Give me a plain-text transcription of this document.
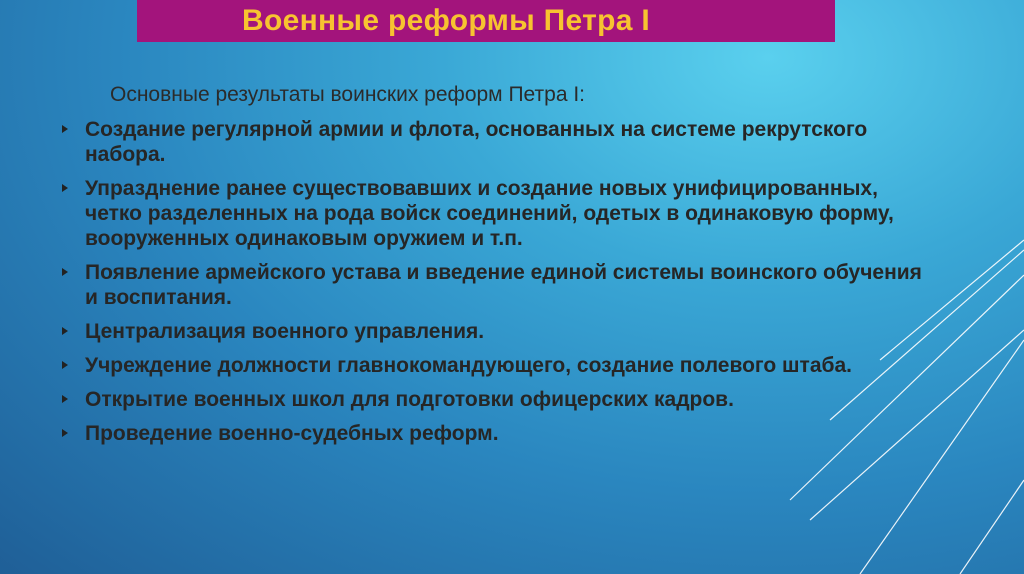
Военные реформы Петра I
Основные результаты воинских реформ Петра I:
Создание регулярной армии и флота, основанных на системе рекрутского набора.
Упразднение ранее существовавших и создание новых унифицированных, четко разделенных на рода войск соединений, одетых в одинаковую форму, вооруженных одинаковым оружием и т.п.
Появление армейского устава и введение единой системы воинского обучения и воспитания.
Централизация военного управления.
Учреждение должности главнокомандующего, создание полевого штаба.
Открытие военных школ для подготовки офицерских кадров.
Проведение военно-судебных реформ.
